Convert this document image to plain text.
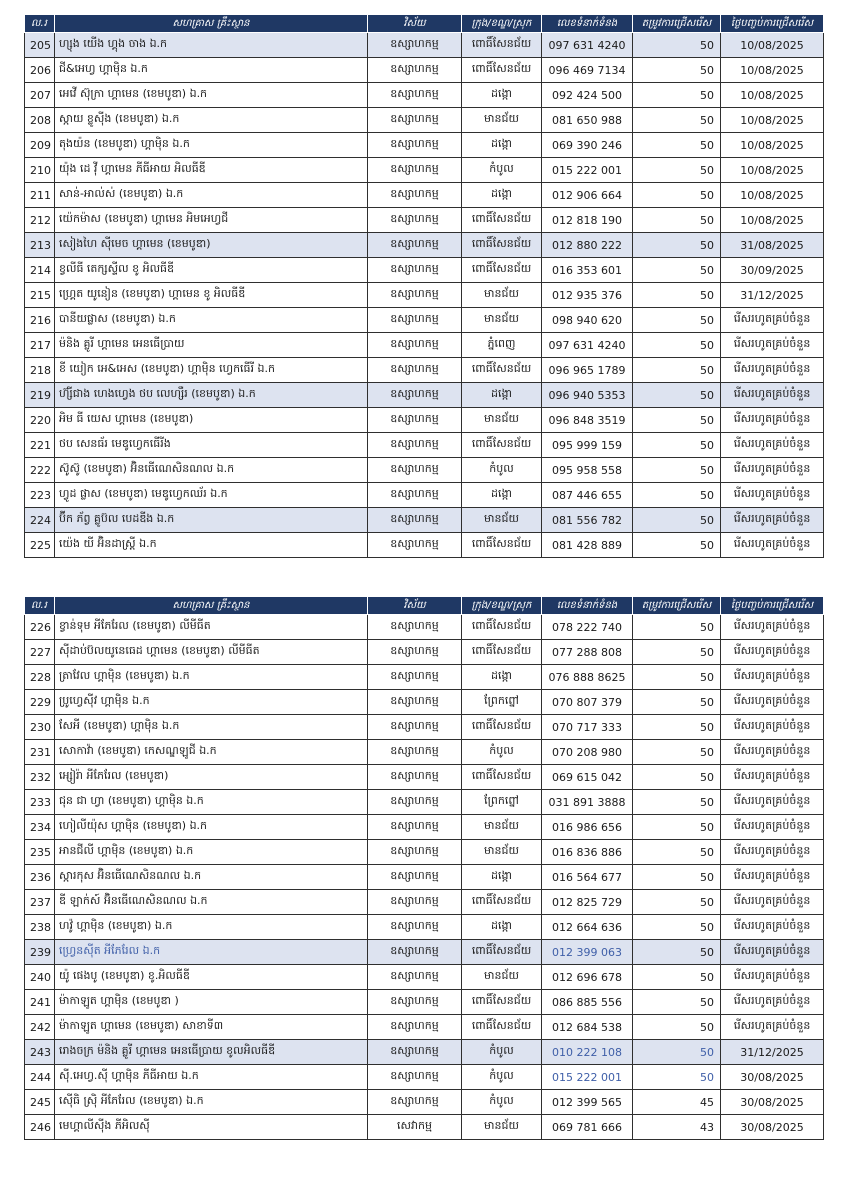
ល.រ	សហគ្រាស គ្រឹះស្ថាន	វិស័យ	ក្រុង/ខណ្ឌ/ស្រុក	លេខទំនាក់ទំនង	តម្រូវការជ្រើសរើស	ថ្ងៃបញ្ចប់ការជ្រើសរើស
205	ហ្សុង យើង ហ្គុង ចាង ឯ.ក	ឧស្សាហកម្ម	ពោធិ៍សែនជ័យ	097 631 4240	50	10/08/2025
206	ជី&អេហ្វ ហ្គាម៉ិន ឯ.ក	ឧស្សាហកម្ម	ពោធិ៍សែនជ័យ	096 469 7134	50	10/08/2025
207	អេវើ ស៊ុក្រា ហ្គាមេន (ខេមបូឌា) ឯ.ក	ឧស្សាហកម្ម	ដង្កោ	092 424 500	50	10/08/2025
208	ស្កាយ ខ្លូស៊ីង (ខេមបូឌា) ឯ.ក	ឧស្សាហកម្ម	មានជ័យ	081 650 988	50	10/08/2025
209	តុងយ៉ន (ខេមបូឌា) ហ្គាម៉ិន ឯ.ក	ឧស្សាហកម្ម	ដង្កោ	069 390 246	50	10/08/2025
210	យ៉ុង ដេ វ៉ី ហ្គាមេន ភីធីអាយ អិលធីឌី	ឧស្សាហកម្ម	កំបូល	015 222 001	50	10/08/2025
211	សាន់-អាល់ស់ (ខេមបូឌា) ឯ.ក	ឧស្សាហកម្ម	ដង្កោ	012 906 664	50	10/08/2025
212	យ៉េកម៉ាស (ខេមបូឌា) ហ្គាមេន អិមអេហ្វជី	ឧស្សាហកម្ម	ពោធិ៍សែនជ័យ	012 818 190	50	10/08/2025
213	សៀងហៃ ស៊ីមេច ហ្គាមេន (ខេមបូឌា)	ឧស្សាហកម្ម	ពោធិ៍សែនជ័យ	012 880 222	50	31/08/2025
214	ខ្វលីធី តេក្សស្ទីល ខូ អិលធីឌី	ឧស្សាហកម្ម	ពោធិ៍សែនជ័យ	016 353 601	50	30/09/2025
215	ហ្គ្រេត យូនៀន (ខេមបូឌា) ហ្គាមេន ខូ អិលធីឌី	ឧស្សាហកម្ម	មានជ័យ	012 935 376	50	31/12/2025
216	បានីយផ្លាស (ខេមបូឌា) ឯ.ក	ឧស្សាហកម្ម	មានជ័យ	098 940 620	50	រើសរហូតគ្រប់ចំនួន
217	ម៉និង គ្លូរី ហ្គាមេន អេនធើប្រាយ	ឧស្សាហកម្ម	ភ្នំពេញ	097 631 4240	50	រើសរហូតគ្រប់ចំនួន
218	ខី យៀក អេ&អេស (ខេមបូឌា) ហ្គាម៉ិន ហ្វេកធើរី ឯ.ក	ឧស្សាហកម្ម	ពោធិ៍សែនជ័យ	096 965 1789	50	រើសរហូតគ្រប់ចំនួន
219	ហ៊្សីជាង ហេងហ្វេង ថប លេហ្សឺរ (ខេមបូឌា) ឯ.ក	ឧស្សាហកម្ម	ដង្កោ	096 940 5353	50	រើសរហូតគ្រប់ចំនួន
220	អិម ធី យេស ហ្គាមេន (ខេមបូឌា)	ឧស្សាហកម្ម	មានជ័យ	096 848 3519	50	រើសរហូតគ្រប់ចំនួន
221	ថប សេនធ័រ មេឌូហ្វេកធើរីង	ឧស្សាហកម្ម	ពោធិ៍សែនជ័យ	095 999 159	50	រើសរហូតគ្រប់ចំនួន
222	ស៊ូស៊ូ (ខេមបូឌា) អ៊ិនធើណេសិនណល ឯ.ក	ឧស្សាហកម្ម	កំបូល	095 958 558	50	រើសរហូតគ្រប់ចំនួន
223	ហ្វូដ ផ្លាស (ខេមបូឌា) មេឌូហ្វេកឈ័រ ឯ.ក	ឧស្សាហកម្ម	ដង្កោ	087 446 655	50	រើសរហូតគ្រប់ចំនួន
224	ប៊ីក ភ័ព្វ គ្លូប៊ល បេដឌីង ឯ.ក	ឧស្សាហកម្ម	មានជ័យ	081 556 782	50	រើសរហូតគ្រប់ចំនួន
225	យ៉េង យី អ៊ិនដាស្ត្រី ឯ.ក	ឧស្សាហកម្ម	ពោធិ៍សែនជ័យ	081 428 889	50	រើសរហូតគ្រប់ចំនួន
ល.រ	សហគ្រាស គ្រឹះស្ថាន	វិស័យ	ក្រុង/ខណ្ឌ/ស្រុក	លេខទំនាក់ទំនង	តម្រូវការជ្រើសរើស	ថ្ងៃបញ្ចប់ការជ្រើសរើស
226	ខ្វាន់ទុម អីភែរែល (ខេមបូឌា) លីមីធីត	ឧស្សាហកម្ម	ពោធិ៍សែនជ័យ	078 222 740	50	រើសរហូតគ្រប់ចំនួន
227	ស៊ីដាប់ប៊លយូនេធេដ ហ្គាមេន (ខេមបូឌា) លីមីធីត	ឧស្សាហកម្ម	ពោធិ៍សែនជ័យ	077 288 808	50	រើសរហូតគ្រប់ចំនួន
228	ត្រាវែល ហ្គាម៉ិន (ខេមបូឌា) ឯ.ក	ឧស្សាហកម្ម	ដង្កោ	076 888 8625	50	រើសរហូតគ្រប់ចំនួន
229	ប្រូហ្វេស៊ីវ ហ្គាម៉ិន ឯ.ក	ឧស្សាហកម្ម	ព្រែកព្នៅ	070 807 379	50	រើសរហូតគ្រប់ចំនួន
230	សែអី (ខេមបូឌា) ហ្គាម៉ិន ឯ.ក	ឧស្សាហកម្ម	ពោធិ៍សែនជ័យ	070 717 333	50	រើសរហូតគ្រប់ចំនួន
231	សោកាវ៉ា (ខេមបូឌា) កេសណ្ឌឡូជី ឯ.ក	ឧស្សាហកម្ម	កំបូល	070 208 980	50	រើសរហូតគ្រប់ចំនួន
232	អ្សៀរ៉ា អីភែរែល (ខេមបូឌា)	ឧស្សាហកម្ម	ពោធិ៍សែនជ័យ	069 615 042	50	រើសរហូតគ្រប់ចំនួន
233	ជុន ជា ហ្វា (ខេមបូឌា) ហ្គាម៉ិន ឯ.ក	ឧស្សាហកម្ម	ព្រែកព្នៅ	031 891 3888	50	រើសរហូតគ្រប់ចំនួន
234	ហៀលីយ៉ុស ហ្គាម៉ិន (ខេមបូឌា) ឯ.ក	ឧស្សាហកម្ម	មានជ័យ	016 986 656	50	រើសរហូតគ្រប់ចំនួន
235	អានជីលី ហ្គាម៉ិន (ខេមបូឌា) ឯ.ក	ឧស្សាហកម្ម	មានជ័យ	016 836 886	50	រើសរហូតគ្រប់ចំនួន
236	ស្ការកុស អ៊ិនធើណេសិនណល ឯ.ក	ឧស្សាហកម្ម	ដង្កោ	016 564 677	50	រើសរហូតគ្រប់ចំនួន
237	ឌី ឡាក់ស៍ អ៊ិនធើណេសិនណល ឯ.ក	ឧស្សាហកម្ម	ពោធិ៍សែនជ័យ	012 825 729	50	រើសរហូតគ្រប់ចំនួន
238	ហវ៉ូ ហ្គាម៉ិន (ខេមបូឌា) ឯ.ក	ឧស្សាហកម្ម	ដង្កោ	012 664 636	50	រើសរហូតគ្រប់ចំនួន
239	ហ្វ្រេនស៊ីត អីភែរែល ឯ.ក	ឧស្សាហកម្ម	ពោធិ៍សែនជ័យ	012 399 063	50	រើសរហូតគ្រប់ចំនួន
240	យ៉ូ ផេងបូ (ខេមបូឌា) ខូ.អិលធីឌី	ឧស្សាហកម្ម	មានជ័យ	012 696 678	50	រើសរហូតគ្រប់ចំនួន
241	ម៉ាកាឡូត ហ្គាម៉ិន (ខេមបូឌា )	ឧស្សាហកម្ម	ពោធិ៍សែនជ័យ	086 885 556	50	រើសរហូតគ្រប់ចំនួន
242	ម៉ាកាឡូត ហ្គាមេន (ខេមបូឌា) សាខាទី៣	ឧស្សាហកម្ម	ពោធិ៍សែនជ័យ	012 684 538	50	រើសរហូតគ្រប់ចំនួន
243	រោងចក្រ ម៉និង គ្លូរី ហ្គាមេន អេនធើប្រាយ ខូលអិលធីឌី	ឧស្សាហកម្ម	កំបូល	010 222 108	50	31/12/2025
244	ស៊ី.អេហ្វ.ស៊ី ហ្គាម៉ិន ភីធីអាយ ឯ.ក	ឧស្សាហកម្ម	កំបូល	015 222 001	50	30/08/2025
245	ស៊ើធិ ស្រ៊ិ អីភែរែល (ខេមបូឌា) ឯ.ក	ឧស្សាហកម្ម	កំបូល	012 399 565	45	30/08/2025
246	មេហ្គាលីស៊ីង ភីអិលស៊ី	សេវាកម្ម	មានជ័យ	069 781 666	43	30/08/2025
